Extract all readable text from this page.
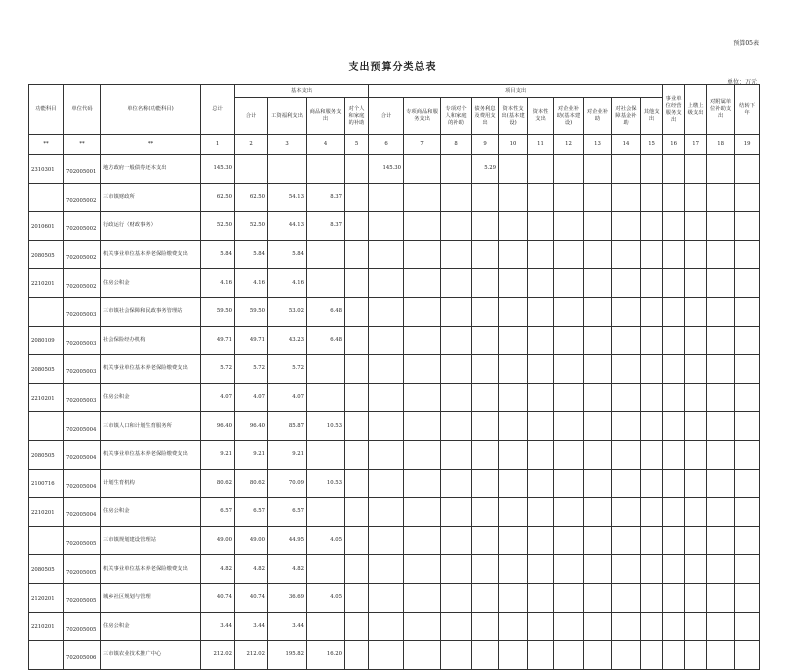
预算05表
支出预算分类总表
单位：万元
功能科目	单位代码	单位名称(功能科目)	总计	基本支出				项目支出										事业单位经营服务支出	上缴上级支出	对附属单位补助支出	结转下年
				合计	工资福利支出	商品和服务支出	对个人和家庭的补助	合计	专项商品和服务支出	专项对个人和家庭的补助	债务利息及费用支出	资本性支出(基本建设)	资本性支出	对企业补助(基本建设)	对企业补助	对社会保障基金补助	其他支出				
**	**	**	1	2	3	4	5	6	7	8	9	10	11	12	13	14	15	16	17	18	19
2310301	702005001	地方政府一般债券还本支出	145.30					145.30			5.29										
	702005002	三市镇财政所	62.50	62.50	54.13	8.37															
2010601	702005002	行政运行（财政事务）	52.50	52.50	44.13	8.37															
2080505	702005002	机关事业单位基本养老保险缴费支出	5.84	5.84	5.84																
2210201	702005002	住房公积金	4.16	4.16	4.16																
	702005003	三市镇社会保障和民政事务管理站	59.50	59.50	53.02	6.48															
2080109	702005003	社会保险经办机构	49.71	49.71	43.23	6.48															
2080505	702005003	机关事业单位基本养老保险缴费支出	5.72	5.72	5.72																
2210201	702005003	住房公积金	4.07	4.07	4.07																
	702005004	三市镇人口和计划生育服务所	96.40	96.40	85.87	10.53															
2080505	702005004	机关事业单位基本养老保险缴费支出	9.21	9.21	9.21																
2100716	702005004	计划生育机构	80.62	80.62	70.09	10.53															
2210201	702005004	住房公积金	6.57	6.57	6.57																
	702005005	三市镇规划建设管理站	49.00	49.00	44.95	4.05															
2080505	702005005	机关事业单位基本养老保险缴费支出	4.82	4.82	4.82																
2120201	702005005	城乡社区规划与管理	40.74	40.74	36.69	4.05															
2210201	702005005	住房公积金	3.44	3.44	3.44																
	702005006	三市镇农业技术推广中心	212.02	212.02	195.82	16.20															
